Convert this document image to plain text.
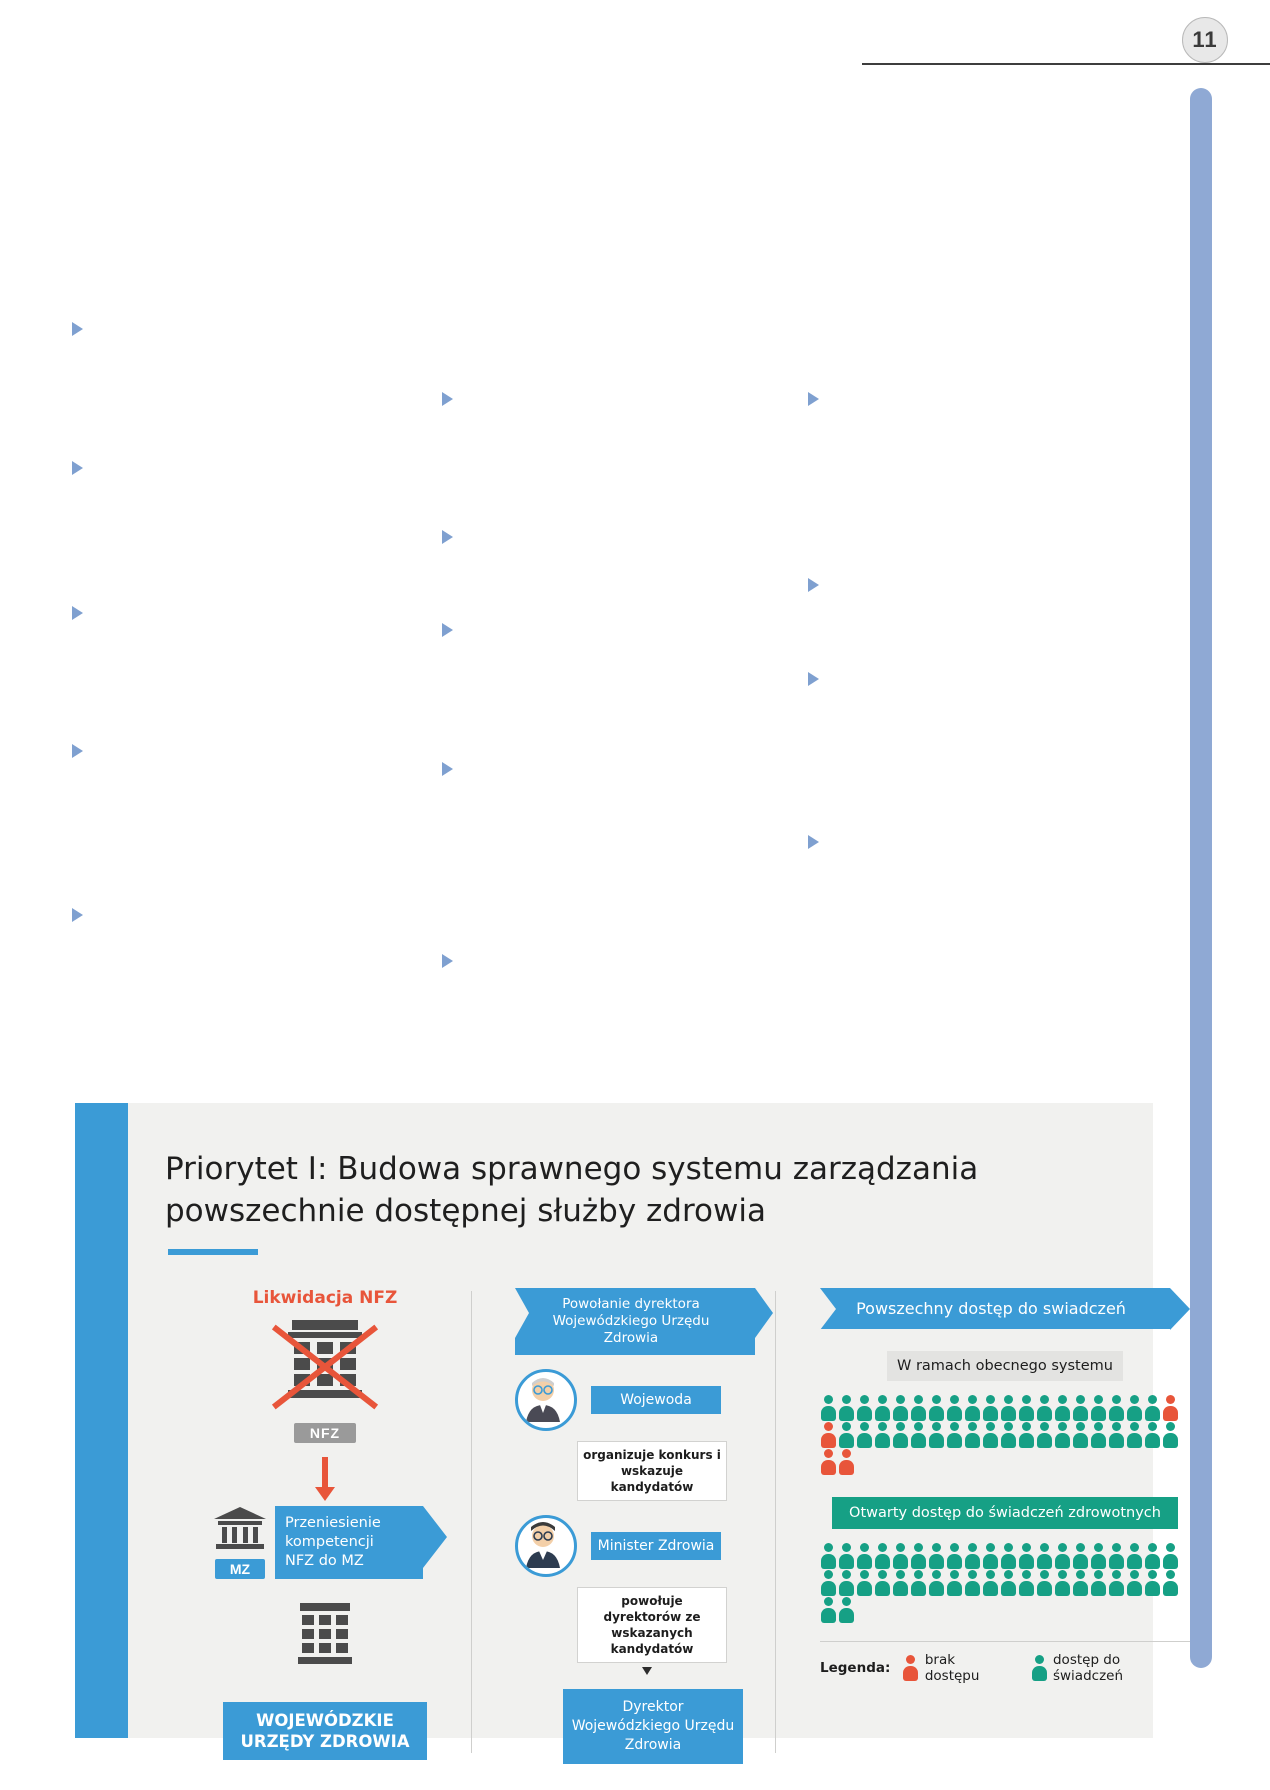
11
Priorytet I: Budowa sprawnego systemu zarządzania powszechnie dostępnej służby zdrowia
Likwidacja NFZ
NFZ
MZ
Przeniesienie kompetencji NFZ do MZ
WOJEWÓDZKIE URZĘDY ZDROWIA
Powołanie dyrektora Wojewódzkiego Urzędu Zdrowia
Wojewoda
organizuje konkurs i wskazuje kandydatów
Minister Zdrowia
powołuje dyrektorów ze wskazanych kandydatów
Dyrektor Wojewódzkiego Urzędu Zdrowia
Powszechny dostęp do swiadczeń
W ramach obecnego systemu
Otwarty dostęp do świadczeń zdrowotnych
Legenda:	brak dostępu
dostęp do świadczeń
